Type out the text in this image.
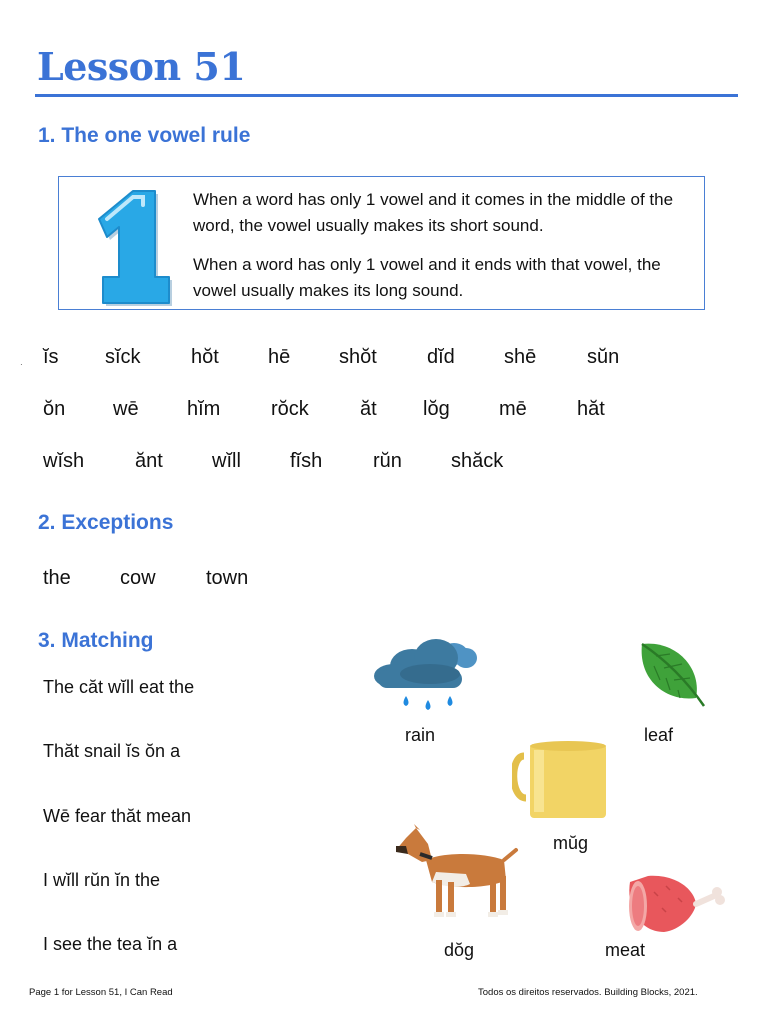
Lesson 51
1. The one vowel rule

When a word has only 1 vowel and it comes in the middle of the word, the vowel usually makes its short sound.

When a word has only 1 vowel and it ends with that vowel, the vowel usually makes its long sound.

· ĭs sĭck	hŏt hē shŏt	dĭd shē	sŭn
ŏn wē hĭm	rŏck	ăt lŏg mē	hăt
wĭsh	ănt wĭll fĭsh	rŭn shăck
2. Exceptions
the cow	town
3. Matching
The căt wĭll eat the
Thăt snail ĭs ŏn a
Wē fear thăt mean
I wĭll rŭn ĭn the
I see the tea ĭn a
rain	leaf
mŭg
dŏg	meat
Page 1 for Lesson 51, I Can Read	Todos os direitos reservados. Building Blocks, 2021.
